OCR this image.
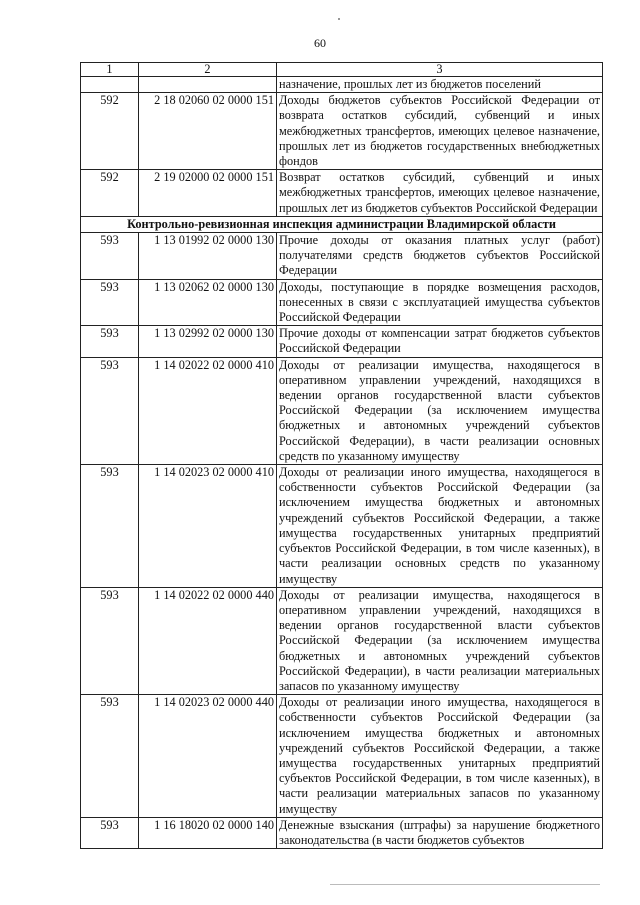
60
1	2	3
		назначение, прошлых лет из бюджетов поселений
592	2 18 02060 02 0000 151	Доходы бюджетов субъектов Российской Федерации от возврата остатков субсидий, субвенций и иных межбюджетных трансфертов, имеющих целевое назначение, прошлых лет из бюджетов государственных внебюджетных фондов
592	2 19 02000 02 0000 151	Возврат остатков субсидий, субвенций и иных межбюджетных трансфертов, имеющих целевое назначение, прошлых лет из бюджетов субъектов Российской Федерации
Контрольно-ревизионная инспекция администрации Владимирской области		
593	1 13 01992 02 0000 130	Прочие доходы от оказания платных услуг (работ) получателями средств бюджетов субъектов Российской Федерации
593	1 13 02062 02 0000 130	Доходы, поступающие в порядке возмещения расходов, понесенных в связи с эксплуатацией имущества субъектов Российской Федерации
593	1 13 02992 02 0000 130	Прочие доходы от компенсации затрат бюджетов субъектов Российской Федерации
593	1 14 02022 02 0000 410	Доходы от реализации имущества, находящегося в оперативном управлении учреждений, находящихся в ведении органов государственной власти субъектов Российской Федерации (за исключением имущества бюджетных и автономных учреждений субъектов Российской Федерации), в части реализации основных средств по указанному имуществу
593	1 14 02023 02 0000 410	Доходы от реализации иного имущества, находящегося в собственности субъектов Российской Федерации (за исключением имущества бюджетных и автономных учреждений субъектов Российской Федерации, а также имущества государственных унитарных предприятий субъектов Российской Федерации, в том числе казенных), в части реализации основных средств по указанному имуществу
593	1 14 02022 02 0000 440	Доходы от реализации имущества, находящегося в оперативном управлении учреждений, находящихся в ведении органов государственной власти субъектов Российской Федерации (за исключением имущества бюджетных и автономных учреждений субъектов Российской Федерации), в части реализации материальных запасов по указанному имуществу
593	1 14 02023 02 0000 440	Доходы от реализации иного имущества, находящегося в собственности субъектов Российской Федерации (за исключением имущества бюджетных и автономных учреждений субъектов Российской Федерации, а также имущества государственных унитарных предприятий субъектов Российской Федерации, в том числе казенных), в части реализации материальных запасов по указанному имуществу
593	1 16 18020 02 0000 140	Денежные взыскания (штрафы) за нарушение бюджетного законодательства (в части бюджетов субъектов
